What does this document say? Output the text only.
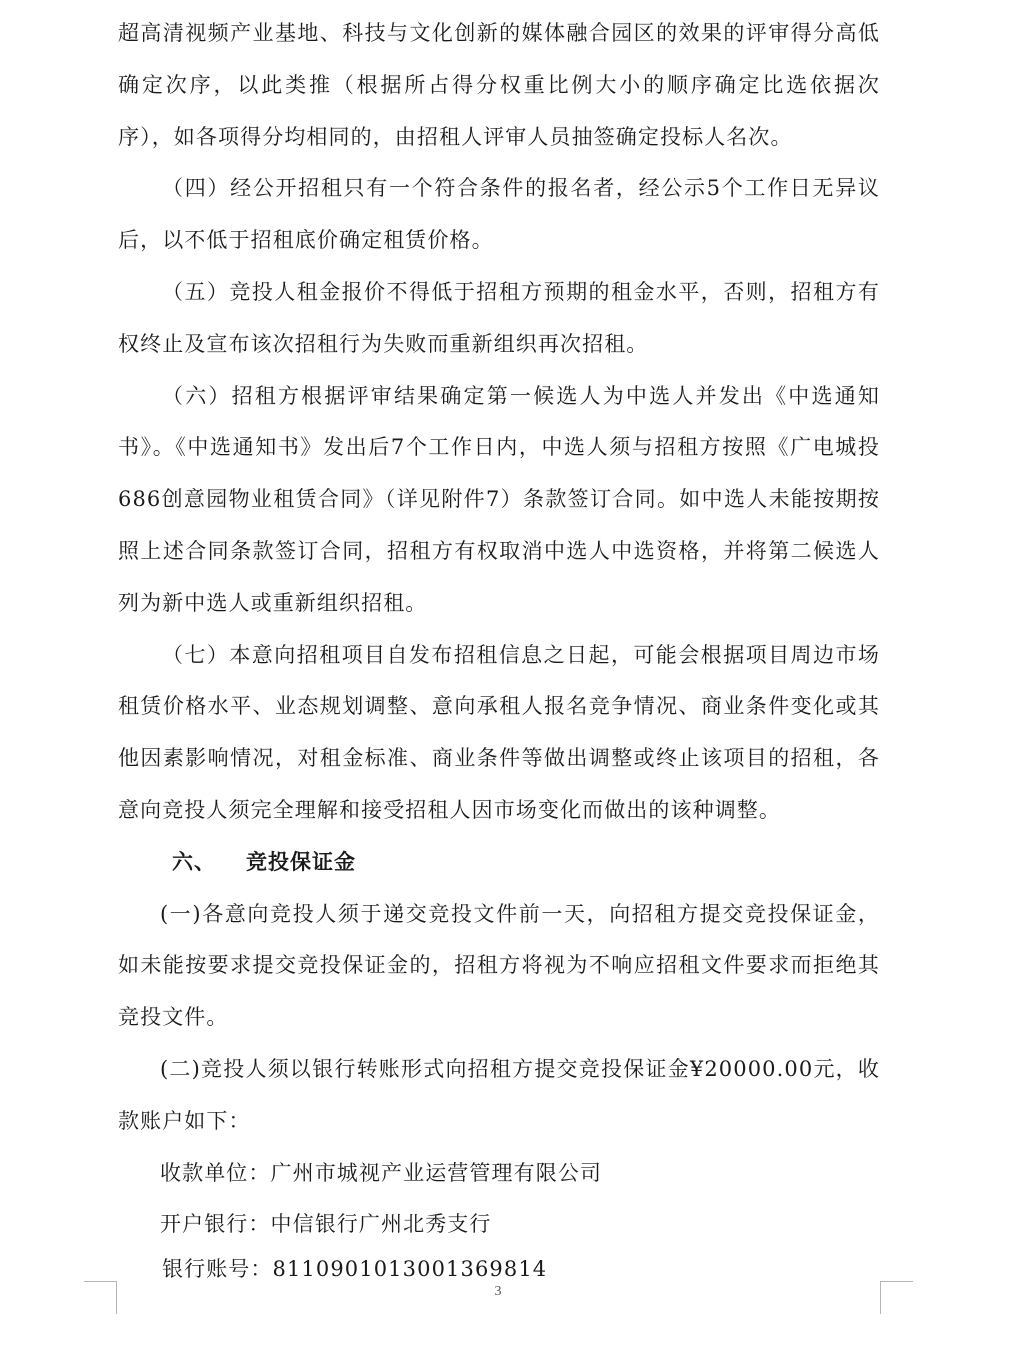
超高清视频产业基地、科技与文化创新的媒体融合园区的效果的评审得分高低确定次序，以此类推（根据所占得分权重比例大小的顺序确定比选依据次序），如各项得分均相同的，由招租人评审人员抽签确定投标人名次。

（四）经公开招租只有一个符合条件的报名者，经公示5个工作日无异议后，以不低于招租底价确定租赁价格。

（五）竞投人租金报价不得低于招租方预期的租金水平，否则，招租方有权终止及宣布该次招租行为失败而重新组织再次招租。

（六）招租方根据评审结果确定第一候选人为中选人并发出《中选通知书》。《中选通知书》发出后7个工作日内，中选人须与招租方按照《广电城投686创意园物业租赁合同》（详见附件7）条款签订合同。如中选人未能按期按照上述合同条款签订合同，招租方有权取消中选人中选资格，并将第二候选人列为新中选人或重新组织招租。

（七）本意向招租项目自发布招租信息之日起，可能会根据项目周边市场租赁价格水平、业态规划调整、意向承租人报名竞争情况、商业条件变化或其他因素影响情况，对租金标准、商业条件等做出调整或终止该项目的招租，各意向竞投人须完全理解和接受招租人因市场变化而做出的该种调整。

六、 竞投保证金

(一)各意向竞投人须于递交竞投文件前一天，向招租方提交竞投保证金，如未能按要求提交竞投保证金的，招租方将视为不响应招租文件要求而拒绝其竞投文件。

(二)竞投人须以银行转账形式向招租方提交竞投保证金¥20000.00元，收款账户如下：

收款单位：广州市城视产业运营管理有限公司

开户银行：中信银行广州北秀支行

银行账号：8110901013001369814

3
